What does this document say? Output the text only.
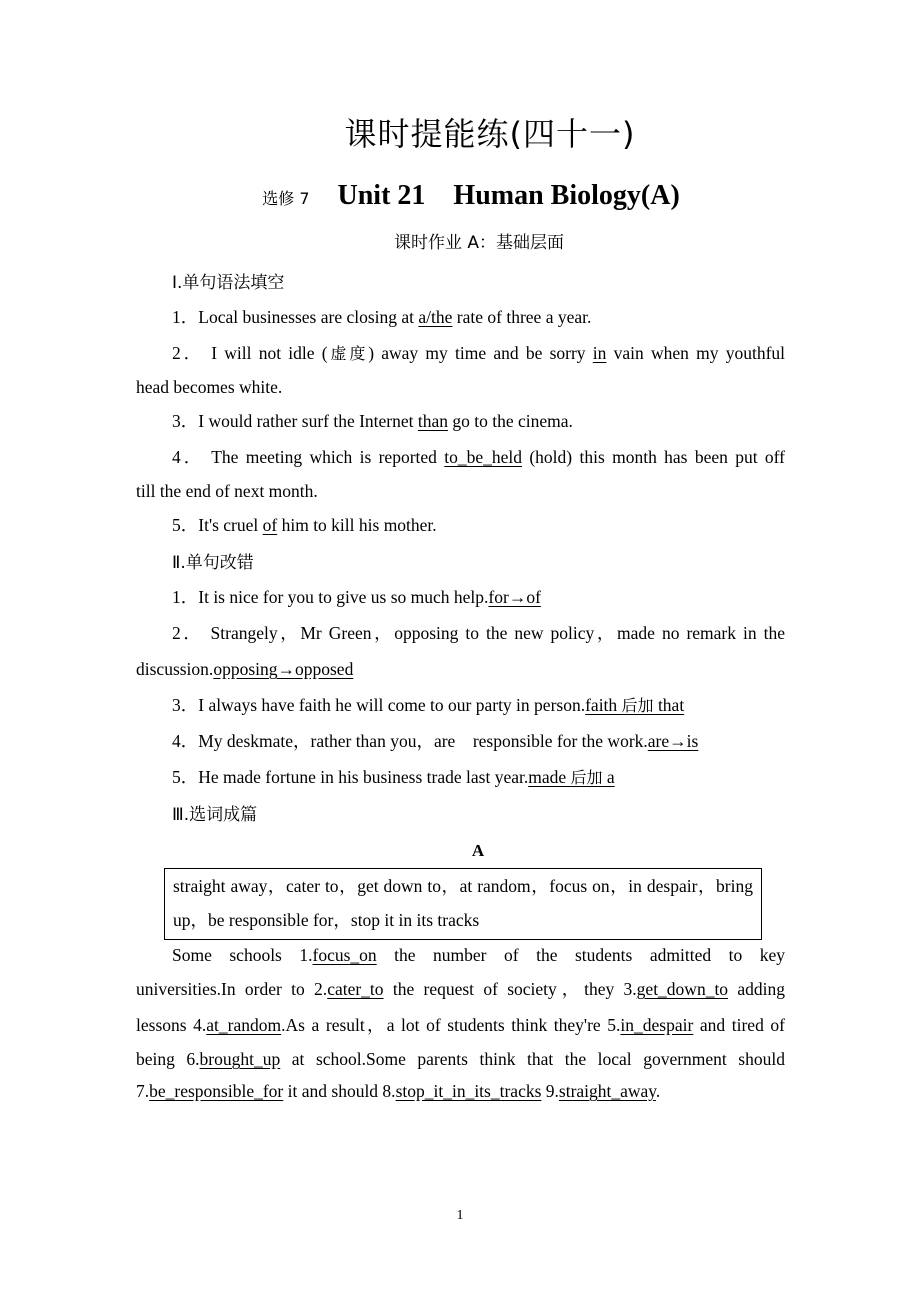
课时提能练(四十一)
选修 7 Unit 21　Human Biology(A)
课时作业 A：基础层面
Ⅰ.单句语法填空
1．Local businesses are closing at a/the rate of three a year.
2． I will not idle (虚度) away my time and be sorry in vain when my youthful
head becomes white.
3．I would rather surf the Internet than go to the cinema.
4． The meeting which is reported to_be_held (hold) this month has been put off
till the end of next month.
5．It's cruel of him to kill his mother.
Ⅱ.单句改错
1．It is nice for you to give us so much help.for→of
2． Strangely，Mr Green，opposing to the new policy，made no remark in the
discussion.opposing→opposed
3．I always have faith he will come to our party in person.faith 后加 that
4．My deskmate，rather than you，are　responsible for the work.are→is
5．He made fortune in his business trade last year.made 后加 a
Ⅲ.选词成篇
A
straight away，cater to，get down to，at random，focus on，in despair，bring
up，be responsible for，stop it in its tracks
Some schools 1.focus_on the number of the students admitted to key
universities.In order to 2.cater_to the request of society，they 3.get_down_to adding
lessons 4.at_random.As a result，a lot of students think they're 5.in_despair and tired of
being 6.brought_up at school.Some parents think that the local government should
7.be_responsible_for it and should 8.stop_it_in_its_tracks 9.straight_away.
1
